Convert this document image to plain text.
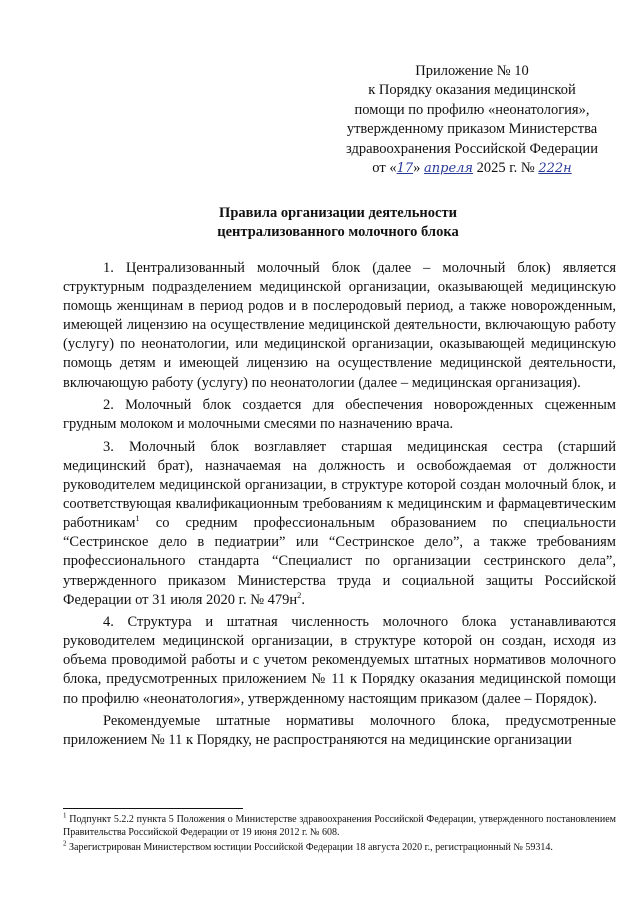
Приложение № 10
к Порядку оказания медицинской
помощи по профилю «неонатология»,
утвержденному приказом Министерства
здравоохранения Российской Федерации
от «17» апреля 2025 г. № 222н
Правила организации деятельности
централизованного молочного блока

1. Централизованный молочный блок (далее – молочный блок) является структурным подразделением медицинской организации, оказывающей медицинскую помощь женщинам в период родов и в послеродовый период, а также новорожденным, имеющей лицензию на осуществление медицинской деятельности, включающую работу (услугу) по неонатологии, или медицинской организации, оказывающей медицинскую помощь детям и имеющей лицензию на осуществление медицинской деятельности, включающую работу (услугу) по неонатологии (далее – медицинская организация).

2. Молочный блок создается для обеспечения новорожденных сцеженным грудным молоком и молочными смесями по назначению врача.

3. Молочный блок возглавляет старшая медицинская сестра (старший медицинский брат), назначаемая на должность и освобождаемая от должности руководителем медицинской организации, в структуре которой создан молочный блок, и соответствующая квалификационным требованиям к медицинским и фармацевтическим работникам$^1$ со средним профессиональным образованием по специальности “Сестринское дело в педиатрии” или “Сестринское дело”, а также требованиям профессионального стандарта “Специалист по организации сестринского дела”, утвержденного приказом Министерства труда и социальной защиты Российской Федерации от 31 июля 2020 г. № $479н^2$.

4. Структура и штатная численность молочного блока устанавливаются руководителем медицинской организации, в структуре которой он создан, исходя из объема проводимой работы и с учетом рекомендуемых штатных нормативов молочного блока, предусмотренных приложением № 11 к Порядку оказания медицинской помощи по профилю «неонатология», утвержденному настоящим приказом (далее – Порядок).

Рекомендуемые штатные нормативы молочного блока, предусмотренные приложением № 11 к Порядку, не распространяются на медицинские организации

$^1$ Подпункт 5.2.2 пункта 5 Положения о Министерстве здравоохранения Российской Федерации, утвержденного постановлением Правительства Российской Федерации от 19 июня 2012 г. № 608.

$^2$ Зарегистрирован Министерством юстиции Российской Федерации 18 августа 2020 г., регистрационный № 59314.
